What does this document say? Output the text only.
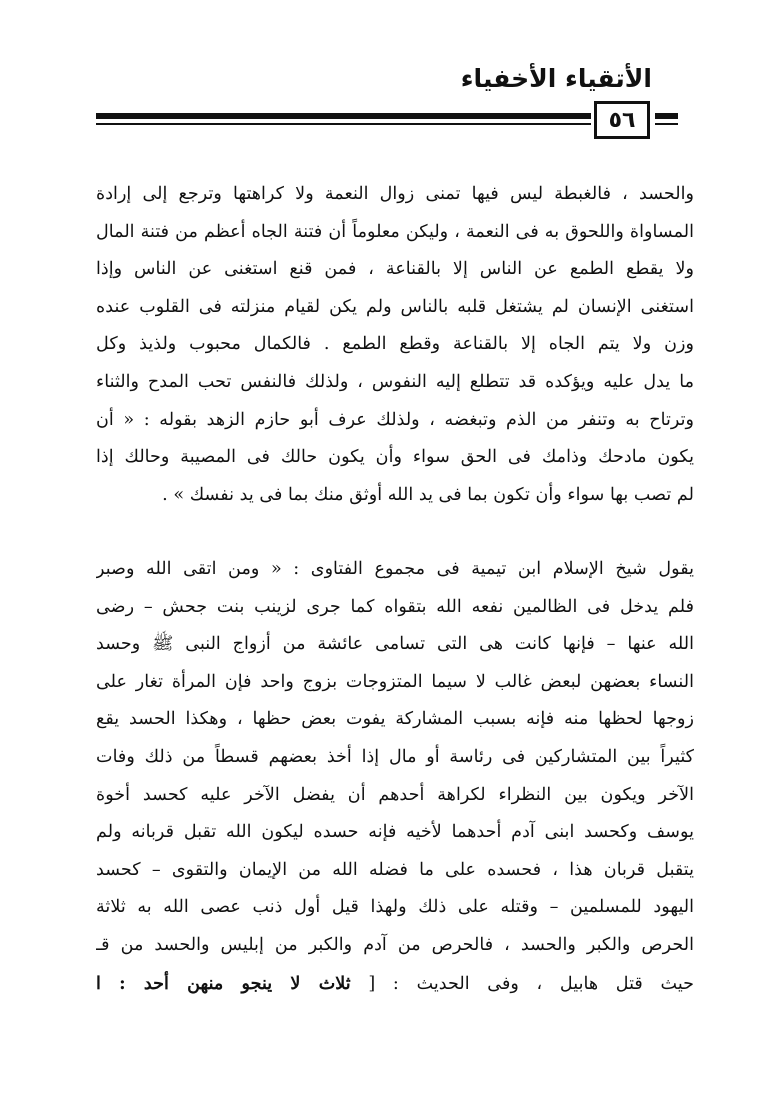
الأتقياء الأخفياء
٥٦
والحسد ، فالغبطة ليس فيها تمنى زوال النعمة ولا كراهتها وترجع إلى إرادة
المساواة واللحوق به فى النعمة ، وليكن معلوماً أن فتنة الجاه أعظم من فتنة المال
ولا يقطع الطمع عن الناس إلا بالقناعة ، فمن قنع استغنى عن الناس وإذا
استغنى الإنسان لم يشتغل قلبه بالناس ولم يكن لقيام منزلته فى القلوب عنده
وزن ولا يتم الجاه إلا بالقناعة وقطع الطمع . فالكمال محبوب ولذيذ وكل
ما يدل عليه ويؤكده قد تتطلع إليه النفوس ، ولذلك فالنفس تحب المدح والثناء
وترتاح به وتنفر من الذم وتبغضه ، ولذلك عرف أبو حازم الزهد بقوله : « أن
يكون مادحك وذامك فى الحق سواء وأن يكون حالك فى المصيبة وحالك إذا
لم تصب بها سواء وأن تكون بما فى يد الله أوثق منك بما فى يد نفسك » .
يقول شيخ الإسلام ابن تيمية فى مجموع الفتاوى : « ومن اتقى الله وصبر
فلم يدخل فى الظالمين نفعه الله بتقواه كما جرى لزينب بنت جحش – رضى
الله عنها – فإنها كانت هى التى تسامى عائشة من أزواج النبى ﷺ وحسد
النساء بعضهن لبعض غالب لا سيما المتزوجات بزوج واحد فإن المرأة تغار على
زوجها لحظها منه فإنه بسبب المشاركة يفوت بعض حظها ، وهكذا الحسد يقع
كثيراً بين المتشاركين فى رئاسة أو مال إذا أخذ بعضهم قسطاً من ذلك وفات
الآخر ويكون بين النظراء لكراهة أحدهم أن يفضل الآخر عليه كحسد أخوة
يوسف وكحسد ابنى آدم أحدهما لأخيه فإنه حسده ليكون الله تقبل قربانه ولم
يتقبل قربان هذا ، فحسده على ما فضله الله من الإيمان والتقوى – كحسد
اليهود للمسلمين – وقتله على ذلك ولهذا قيل أول ذنب عصى الله به ثلاثة
الحرص والكبر والحسد ، فالحرص من آدم والكبر من إبليس والحسد من قـ
حيث قتل هابيل ، وفى الحديث : [ ثلاث لا ينجو منهن أحد : ا‍
